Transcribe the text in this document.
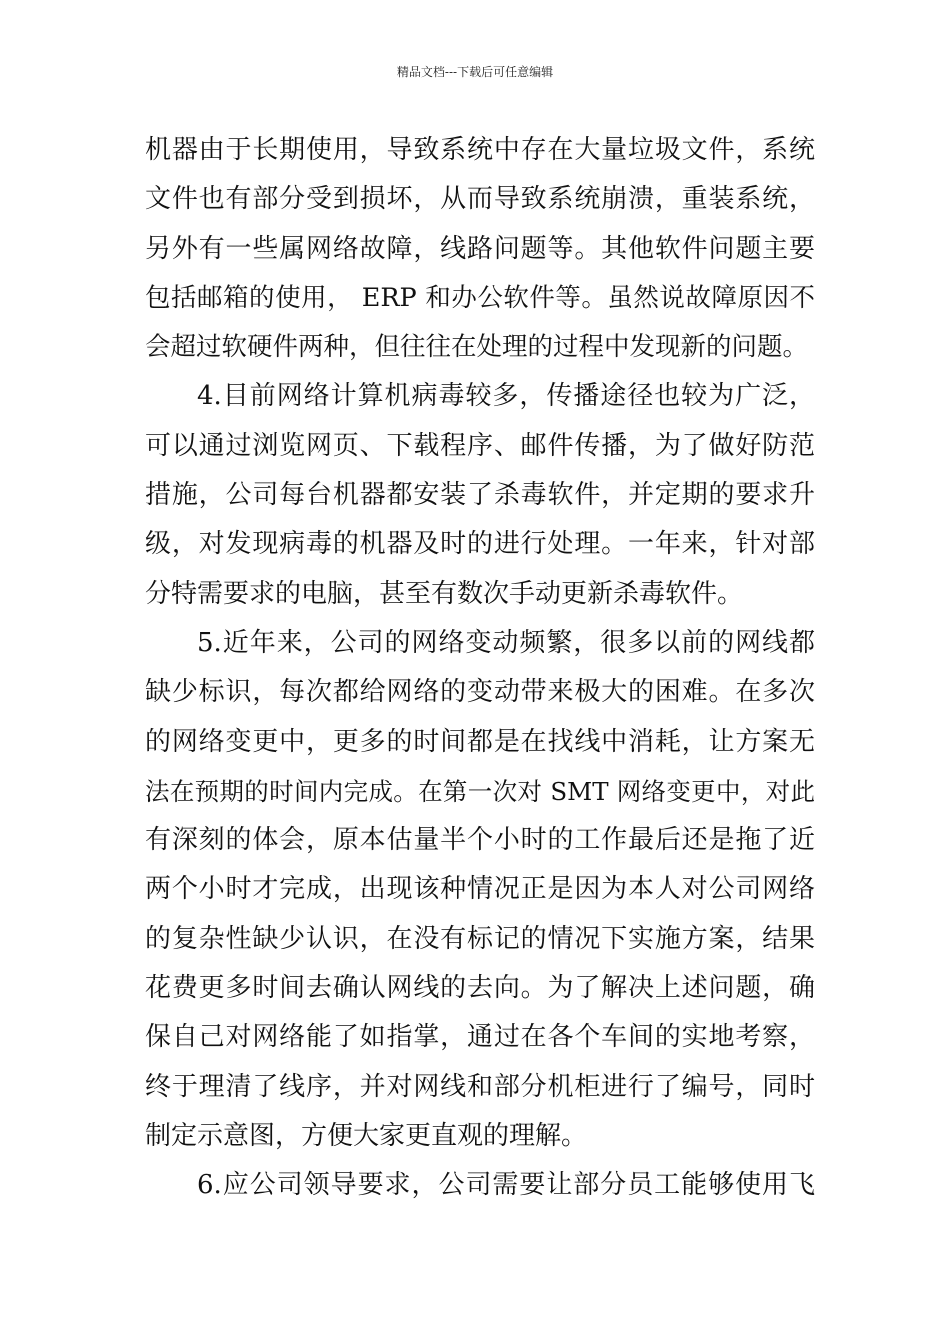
精品文档---下载后可任意编辑
机器由于长期使用，导致系统中存在大量垃圾文件，系统
文件也有部分受到损坏，从而导致系统崩溃，重装系统，
另外有一些属网络故障，线路问题等。其他软件问题主要
包括邮箱的使用， ERP 和办公软件等。虽然说故障原因不
会超过软硬件两种，但往往在处理的过程中发现新的问题。
4.目前网络计算机病毒较多，传播途径也较为广泛，
可以通过浏览网页、下载程序、邮件传播，为了做好防范
措施，公司每台机器都安装了杀毒软件，并定期的要求升
级，对发现病毒的机器及时的进行处理。一年来，针对部
分特需要求的电脑，甚至有数次手动更新杀毒软件。
5.近年来，公司的网络变动频繁，很多以前的网线都
缺少标识，每次都给网络的变动带来极大的困难。在多次
的网络变更中，更多的时间都是在找线中消耗，让方案无
法在预期的时间内完成。在第一次对 SMT 网络变更中，对此
有深刻的体会，原本估量半个小时的工作最后还是拖了近
两个小时才完成，出现该种情况正是因为本人对公司网络
的复杂性缺少认识，在没有标记的情况下实施方案，结果
花费更多时间去确认网线的去向。为了解决上述问题，确
保自己对网络能了如指掌，通过在各个车间的实地考察，
终于理清了线序，并对网线和部分机柜进行了编号，同时
制定示意图，方便大家更直观的理解。
6.应公司领导要求，公司需要让部分员工能够使用飞
